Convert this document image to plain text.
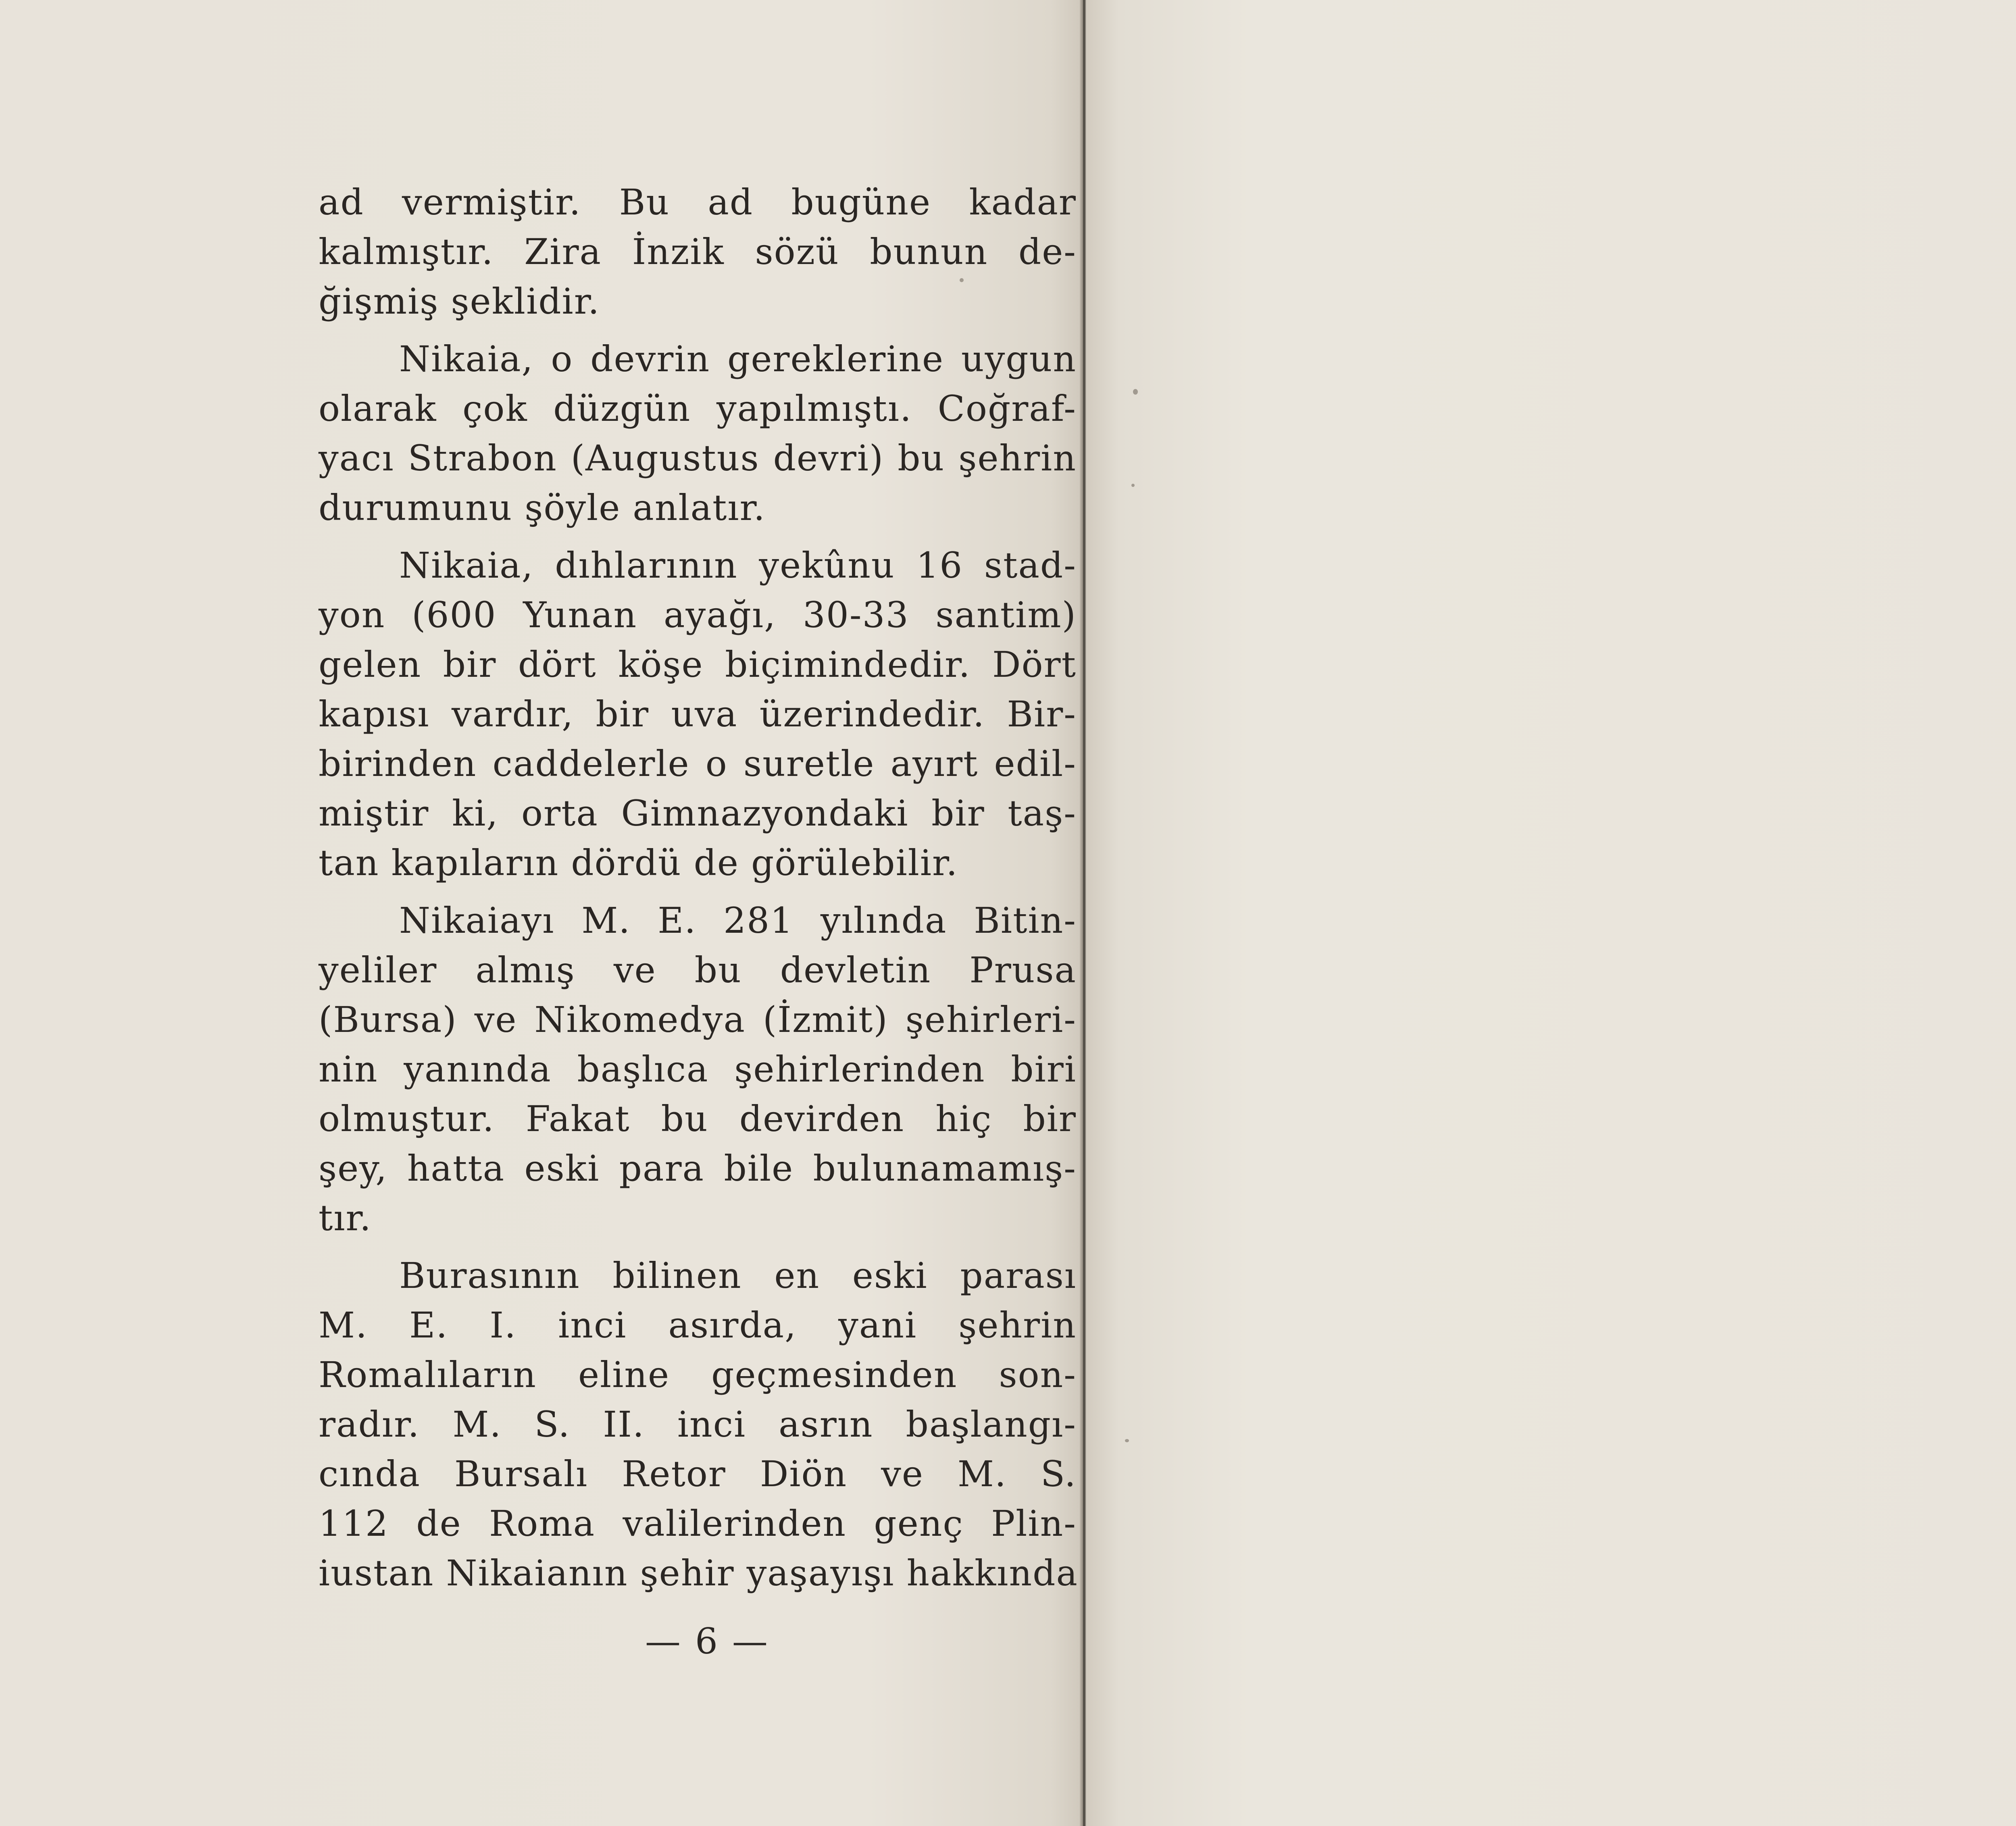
ad vermiştir. Bu ad bugüne kadar
kalmıştır. Zira İnzik sözü bunun de-
ğişmiş şeklidir.
Nikaia, o devrin gereklerine uygun
olarak çok düzgün yapılmıştı. Coğraf-
yacı Strabon (Augustus devri) bu şehrin
durumunu şöyle anlatır.
Nikaia, dıhlarının yekûnu 16 stad-
yon (600 Yunan ayağı, 30-33 santim)
gelen bir dört köşe biçimindedir. Dört
kapısı vardır, bir uva üzerindedir. Bir-
birinden caddelerle o suretle ayırt edil-
miştir ki, orta Gimnazyondaki bir taş-
tan kapıların dördü de görülebilir.
Nikaiayı M. E. 281 yılında Bitin-
yeliler almış ve bu devletin Prusa
(Bursa) ve Nikomedya (İzmit) şehirleri-
nin yanında başlıca şehirlerinden biri
olmuştur. Fakat bu devirden hiç bir
şey, hatta eski para bile bulunamamış-
tır.
Burasının bilinen en eski parası
M. E. I. inci asırda, yani şehrin
Romalıların eline geçmesinden son-
radır. M. S. II. inci asrın başlangı-
cında Bursalı Retor Diön ve M. S.
112 de Roma valilerinden genç Plin-
iustan Nikaianın şehir yaşayışı hakkında
— 6 —
